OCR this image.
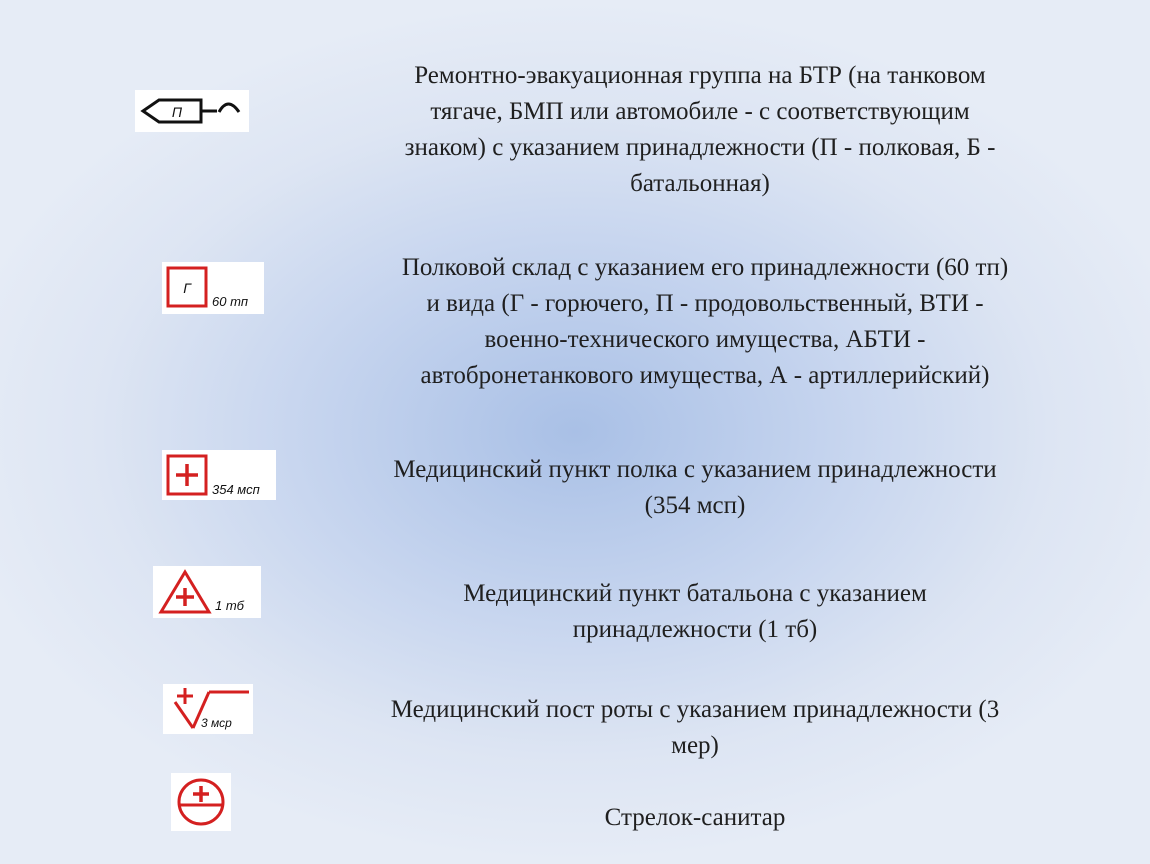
П
Ремонтно-эвакуационная группа на БТР (на танковом
тягаче, БМП или автомобиле - с соответствующим
знаком) с указанием принадлежности (П - полковая, Б -
батальонная)
Г
60 тп
Полковой склад с указанием его принадлежности (60 тп)
и вида (Г - горючего, П - продовольственный, ВТИ -
военно-технического имущества, АБТИ -
автобронетанкового имущества, А - артиллерийский)
354 мсп
Медицинский пункт полка с указанием принадлежности
(354 мсп)
1 тб	Медицинский пункт батальона с указанием
принадлежности (1 тб)
3 мср	Медицинский пост роты с указанием принадлежности (3
мер)
Стрелок-санитар
